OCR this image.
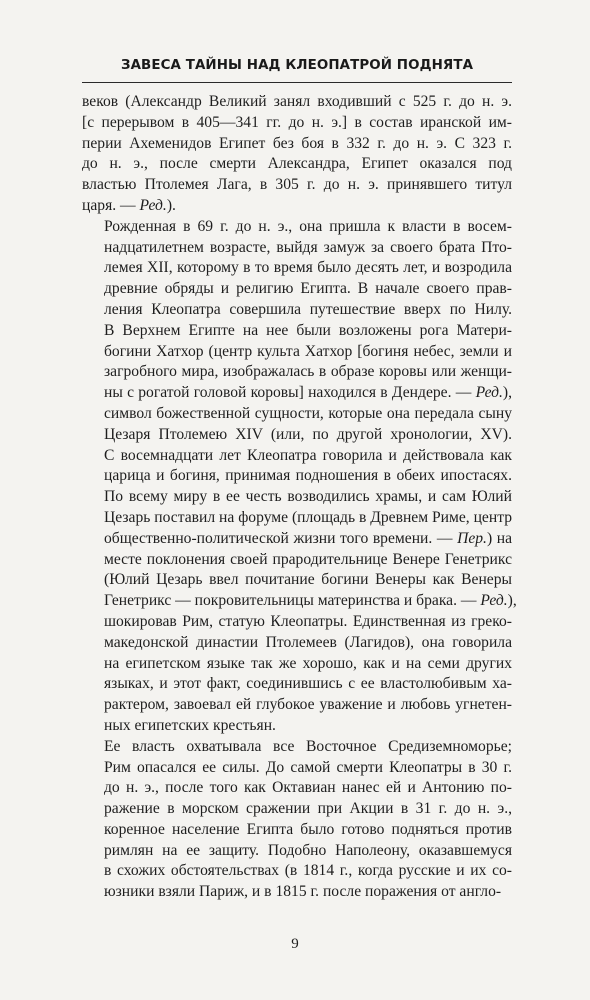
ЗАВЕСА ТАЙНЫ НАД КЛЕОПАТРОЙ ПОДНЯТА

веков (Александр Великий занял входивший с 525 г. до н. э.
[с перерывом в 405—341 гг. до н. э.] в состав иранской им-
перии Ахеменидов Египет без боя в 332 г. до н. э. С 323 г.
до н. э., после смерти Александра, Египет оказался под
властью Птолемея Лага, в 305 г. до н. э. принявшего титул
царя. — Ред.).

Рожденная в 69 г. до н. э., она пришла к власти в восем-
надцатилетнем возрасте, выйдя замуж за своего брата Пто-
лемея XII, которому в то время было десять лет, и возродила
древние обряды и религию Египта. В начале своего прав-
ления Клеопатра совершила путешествие вверх по Нилу.
В Верхнем Египте на нее были возложены рога Матери-
богини Хатхор (центр культа Хатхор [богиня небес, земли и
загробного мира, изображалась в образе коровы или женщи-
ны с рогатой головой коровы] находился в Дендере. — Ред.),
символ божественной сущности, которые она передала сыну
Цезаря Птолемею XIV (или, по другой хронологии, XV).
С восемнадцати лет Клеопатра говорила и действовала как
царица и богиня, принимая подношения в обеих ипостасях.
По всему миру в ее честь возводились храмы, и сам Юлий
Цезарь поставил на форуме (площадь в Древнем Риме, центр
общественно-политической жизни того времени. — Пер.) на
месте поклонения своей прародительнице Венере Генетрикс
(Юлий Цезарь ввел почитание богини Венеры как Венеры
Генетрикс — покровительницы материнства и брака. — Ред.),
шокировав Рим, статую Клеопатры. Единственная из греко-
македонской династии Птолемеев (Лагидов), она говорила
на египетском языке так же хорошо, как и на семи других
языках, и этот факт, соединившись с ее властолюбивым ха-
рактером, завоевал ей глубокое уважение и любовь угнетен-
ных египетских крестьян.

Ее власть охватывала все Восточное Средиземноморье;
Рим опасался ее силы. До самой смерти Клеопатры в 30 г.
до н. э., после того как Октавиан нанес ей и Антонию по-
ражение в морском сражении при Акции в 31 г. до н. э.,
коренное население Египта было готово подняться против
римлян на ее защиту. Подобно Наполеону, оказавшемуся
в схожих обстоятельствах (в 1814 г., когда русские и их со-
юзники взяли Париж, и в 1815 г. после поражения от англо-

9
